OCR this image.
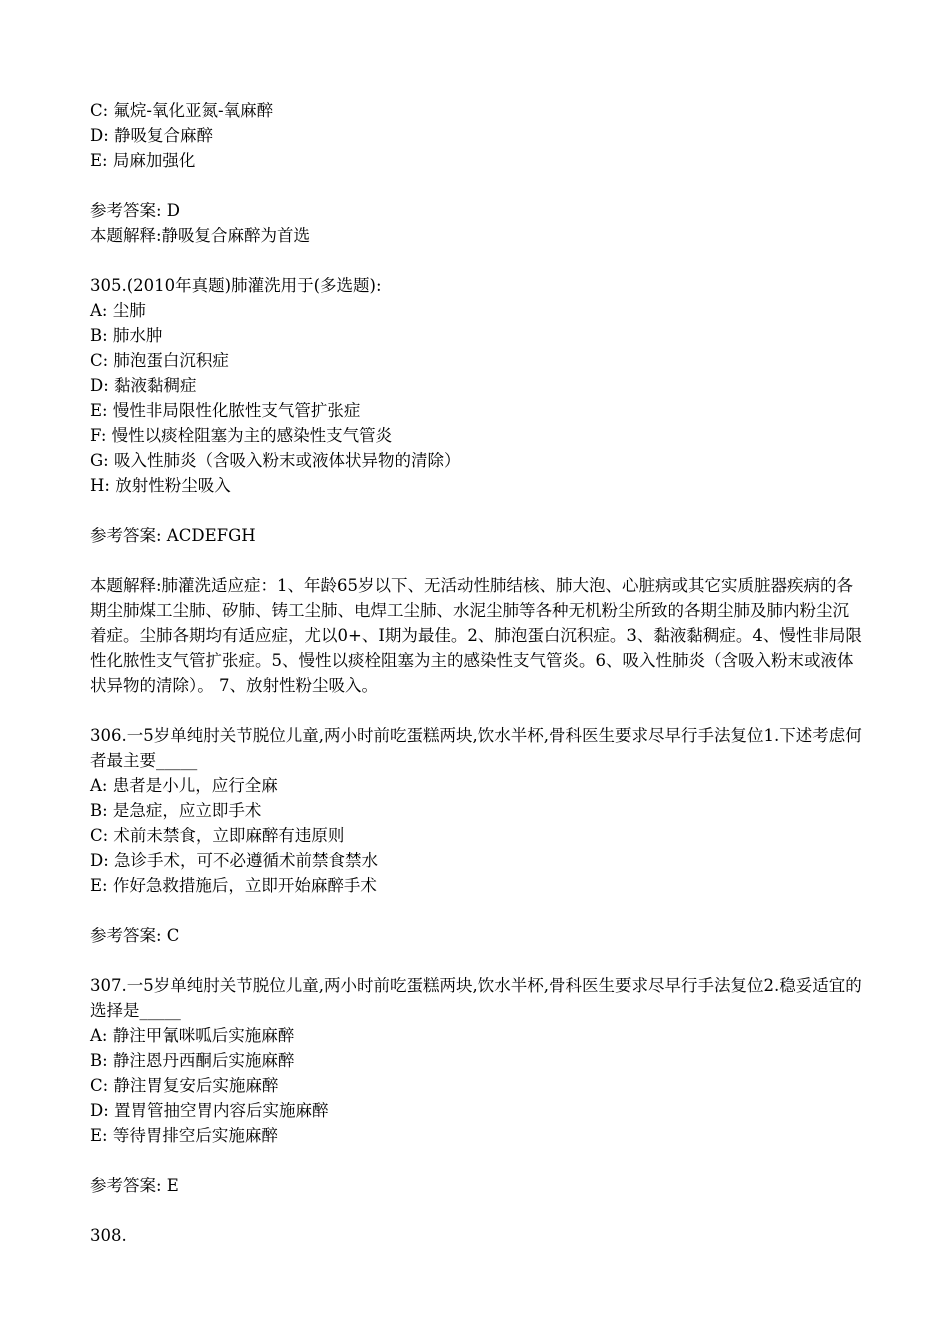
C: 氟烷-氧化亚氮-氧麻醉
D: 静吸复合麻醉
E: 局麻加强化
参考答案: D
本题解释:静吸复合麻醉为首选
305.(2010年真题)肺灌洗用于(多选题):
A: 尘肺
B: 肺水肿
C: 肺泡蛋白沉积症
D: 黏液黏稠症
E: 慢性非局限性化脓性支气管扩张症
F: 慢性以痰栓阻塞为主的感染性支气管炎
G: 吸入性肺炎（含吸入粉末或液体状异物的清除）
H: 放射性粉尘吸入
参考答案: ACDEFGH
本题解释:肺灌洗适应症：1、年龄65岁以下、无活动性肺结核、肺大泡、心脏病或其它实质脏器疾病的各期尘肺煤工尘肺、矽肺、铸工尘肺、电焊工尘肺、水泥尘肺等各种无机粉尘所致的各期尘肺及肺内粉尘沉着症。尘肺各期均有适应症，尤以0+、I期为最佳。2、肺泡蛋白沉积症。3、黏液黏稠症。4、慢性非局限性化脓性支气管扩张症。5、慢性以痰栓阻塞为主的感染性支气管炎。6、吸入性肺炎（含吸入粉末或液体状异物的清除）。 7、放射性粉尘吸入。
306.一5岁单纯肘关节脱位儿童,两小时前吃蛋糕两块,饮水半杯,骨科医生要求尽早行手法复位1.下述考虑何者最主要_____
A: 患者是小儿，应行全麻
B: 是急症，应立即手术
C: 术前未禁食，立即麻醉有违原则
D: 急诊手术，可不必遵循术前禁食禁水
E: 作好急救措施后，立即开始麻醉手术
参考答案: C
307.一5岁单纯肘关节脱位儿童,两小时前吃蛋糕两块,饮水半杯,骨科医生要求尽早行手法复位2.稳妥适宜的选择是_____
A: 静注甲氰咪呱后实施麻醉
B: 静注恩丹西酮后实施麻醉
C: 静注胃复安后实施麻醉
D: 置胃管抽空胃内容后实施麻醉
E: 等待胃排空后实施麻醉
参考答案: E
308.
